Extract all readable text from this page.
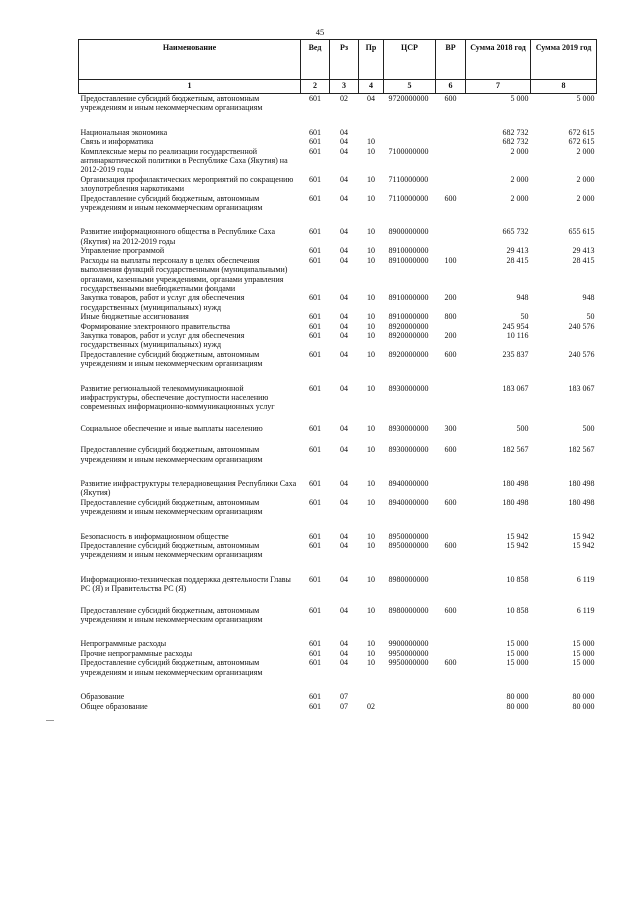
45
Наименование	Вед	Рз	Пр	ЦСР	ВР	Сумма 2018 год	Сумма 2019 год
1	2	3	4	5	6	7	8
Предоставление субсидий бюджетным, автономным учреждениям и иным некоммерческим организациям	601	02	04	9720000000	600	5 000	5 000
Национальная экономика	601	04				682 732	672 615
Связь и информатика	601	04	10			682 732	672 615
Комплексные меры по реализации государственной антинаркотической политики в Республике Саха (Якутия) на 2012-2019 годы	601	04	10	7100000000		2 000	2 000
Организация профилактических мероприятий по сокращению злоупотребления наркотиками	601	04	10	7110000000		2 000	2 000
Предоставление субсидий бюджетным, автономным учреждениям и иным некоммерческим организациям	601	04	10	7110000000	600	2 000	2 000
Развитие информационного общества в Республике Саха (Якутия) на 2012-2019 годы	601	04	10	8900000000		665 732	655 615
Управление программой	601	04	10	8910000000		29 413	29 413
Расходы на выплаты персоналу в целях обеспечения выполнения функций государственными (муниципальными) органами, казенными учреждениями, органами управления государственными внебюджетными фондами	601	04	10	8910000000	100	28 415	28 415
Закупка товаров, работ и услуг для обеспечения государственных (муниципальных) нужд	601	04	10	8910000000	200	948	948
Иные бюджетные ассигнования	601	04	10	8910000000	800	50	50
Формирование электронного правительства	601	04	10	8920000000		245 954	240 576
Закупка товаров, работ и услуг для обеспечения государственных (муниципальных) нужд	601	04	10	8920000000	200	10 116	
Предоставление субсидий бюджетным, автономным учреждениям и иным некоммерческим организациям	601	04	10	8920000000	600	235 837	240 576
Развитие региональной телекоммуникационной инфраструктуры, обеспечение доступности населению современных информационно-коммуникационных услуг	601	04	10	8930000000		183 067	183 067
Социальное обеспечение и иные выплаты населению	601	04	10	8930000000	300	500	500
Предоставление субсидий бюджетным, автономным учреждениям и иным некоммерческим организациям	601	04	10	8930000000	600	182 567	182 567
Развитие инфраструктуры телерадиовещания Республики Саха (Якутия)	601	04	10	8940000000		180 498	180 498
Предоставление субсидий бюджетным, автономным учреждениям и иным некоммерческим организациям	601	04	10	8940000000	600	180 498	180 498
Безопасность в информационном обществе	601	04	10	8950000000		15 942	15 942
Предоставление субсидий бюджетным, автономным учреждениям и иным некоммерческим организациям	601	04	10	8950000000	600	15 942	15 942
Информационно-техническая поддержка деятельности Главы РС (Я) и Правительства РС (Я)	601	04	10	8980000000		10 858	6 119
Предоставление субсидий бюджетным, автономным учреждениям и иным некоммерческим организациям	601	04	10	8980000000	600	10 858	6 119
Непрограммные расходы	601	04	10	9900000000		15 000	15 000
Прочие непрограммные расходы	601	04	10	9950000000		15 000	15 000
Предоставление субсидий бюджетным, автономным учреждениям и иным некоммерческим организациям	601	04	10	9950000000	600	15 000	15 000
Образование	601	07				80 000	80 000
Общее образование	601	07	02			80 000	80 000
